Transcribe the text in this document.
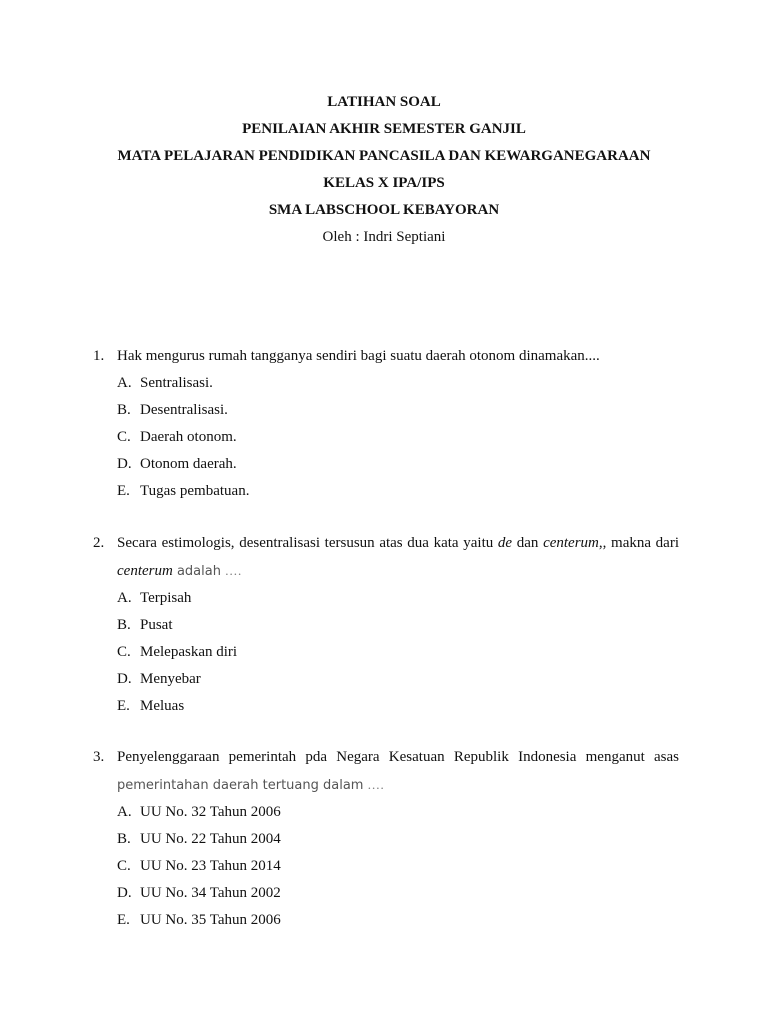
LATIHAN SOAL
PENILAIAN AKHIR SEMESTER GANJIL
MATA PELAJARAN PENDIDIKAN PANCASILA DAN KEWARGANEGARAAN
KELAS X IPA/IPS
SMA LABSCHOOL KEBAYORAN
Oleh : Indri Septiani
1. Hak mengurus rumah tangganya sendiri bagi suatu daerah otonom dinamakan....
A. Sentralisasi.
B. Desentralisasi.
C. Daerah otonom.
D. Otonom daerah.
E. Tugas pembatuan.
2. Secara estimologis, desentralisasi tersusun atas dua kata yaitu de dan centerum,, makna dari
centerum adalah ....
A. Terpisah
B. Pusat
C. Melepaskan diri
D. Menyebar
E. Meluas
3. Penyelenggaraan pemerintah pda Negara Kesatuan Republik Indonesia menganut asas
pemerintahan daerah tertuang dalam ....
A. UU No. 32 Tahun 2006
B. UU No. 22 Tahun 2004
C. UU No. 23 Tahun 2014
D. UU No. 34 Tahun 2002
E. UU No. 35 Tahun 2006
